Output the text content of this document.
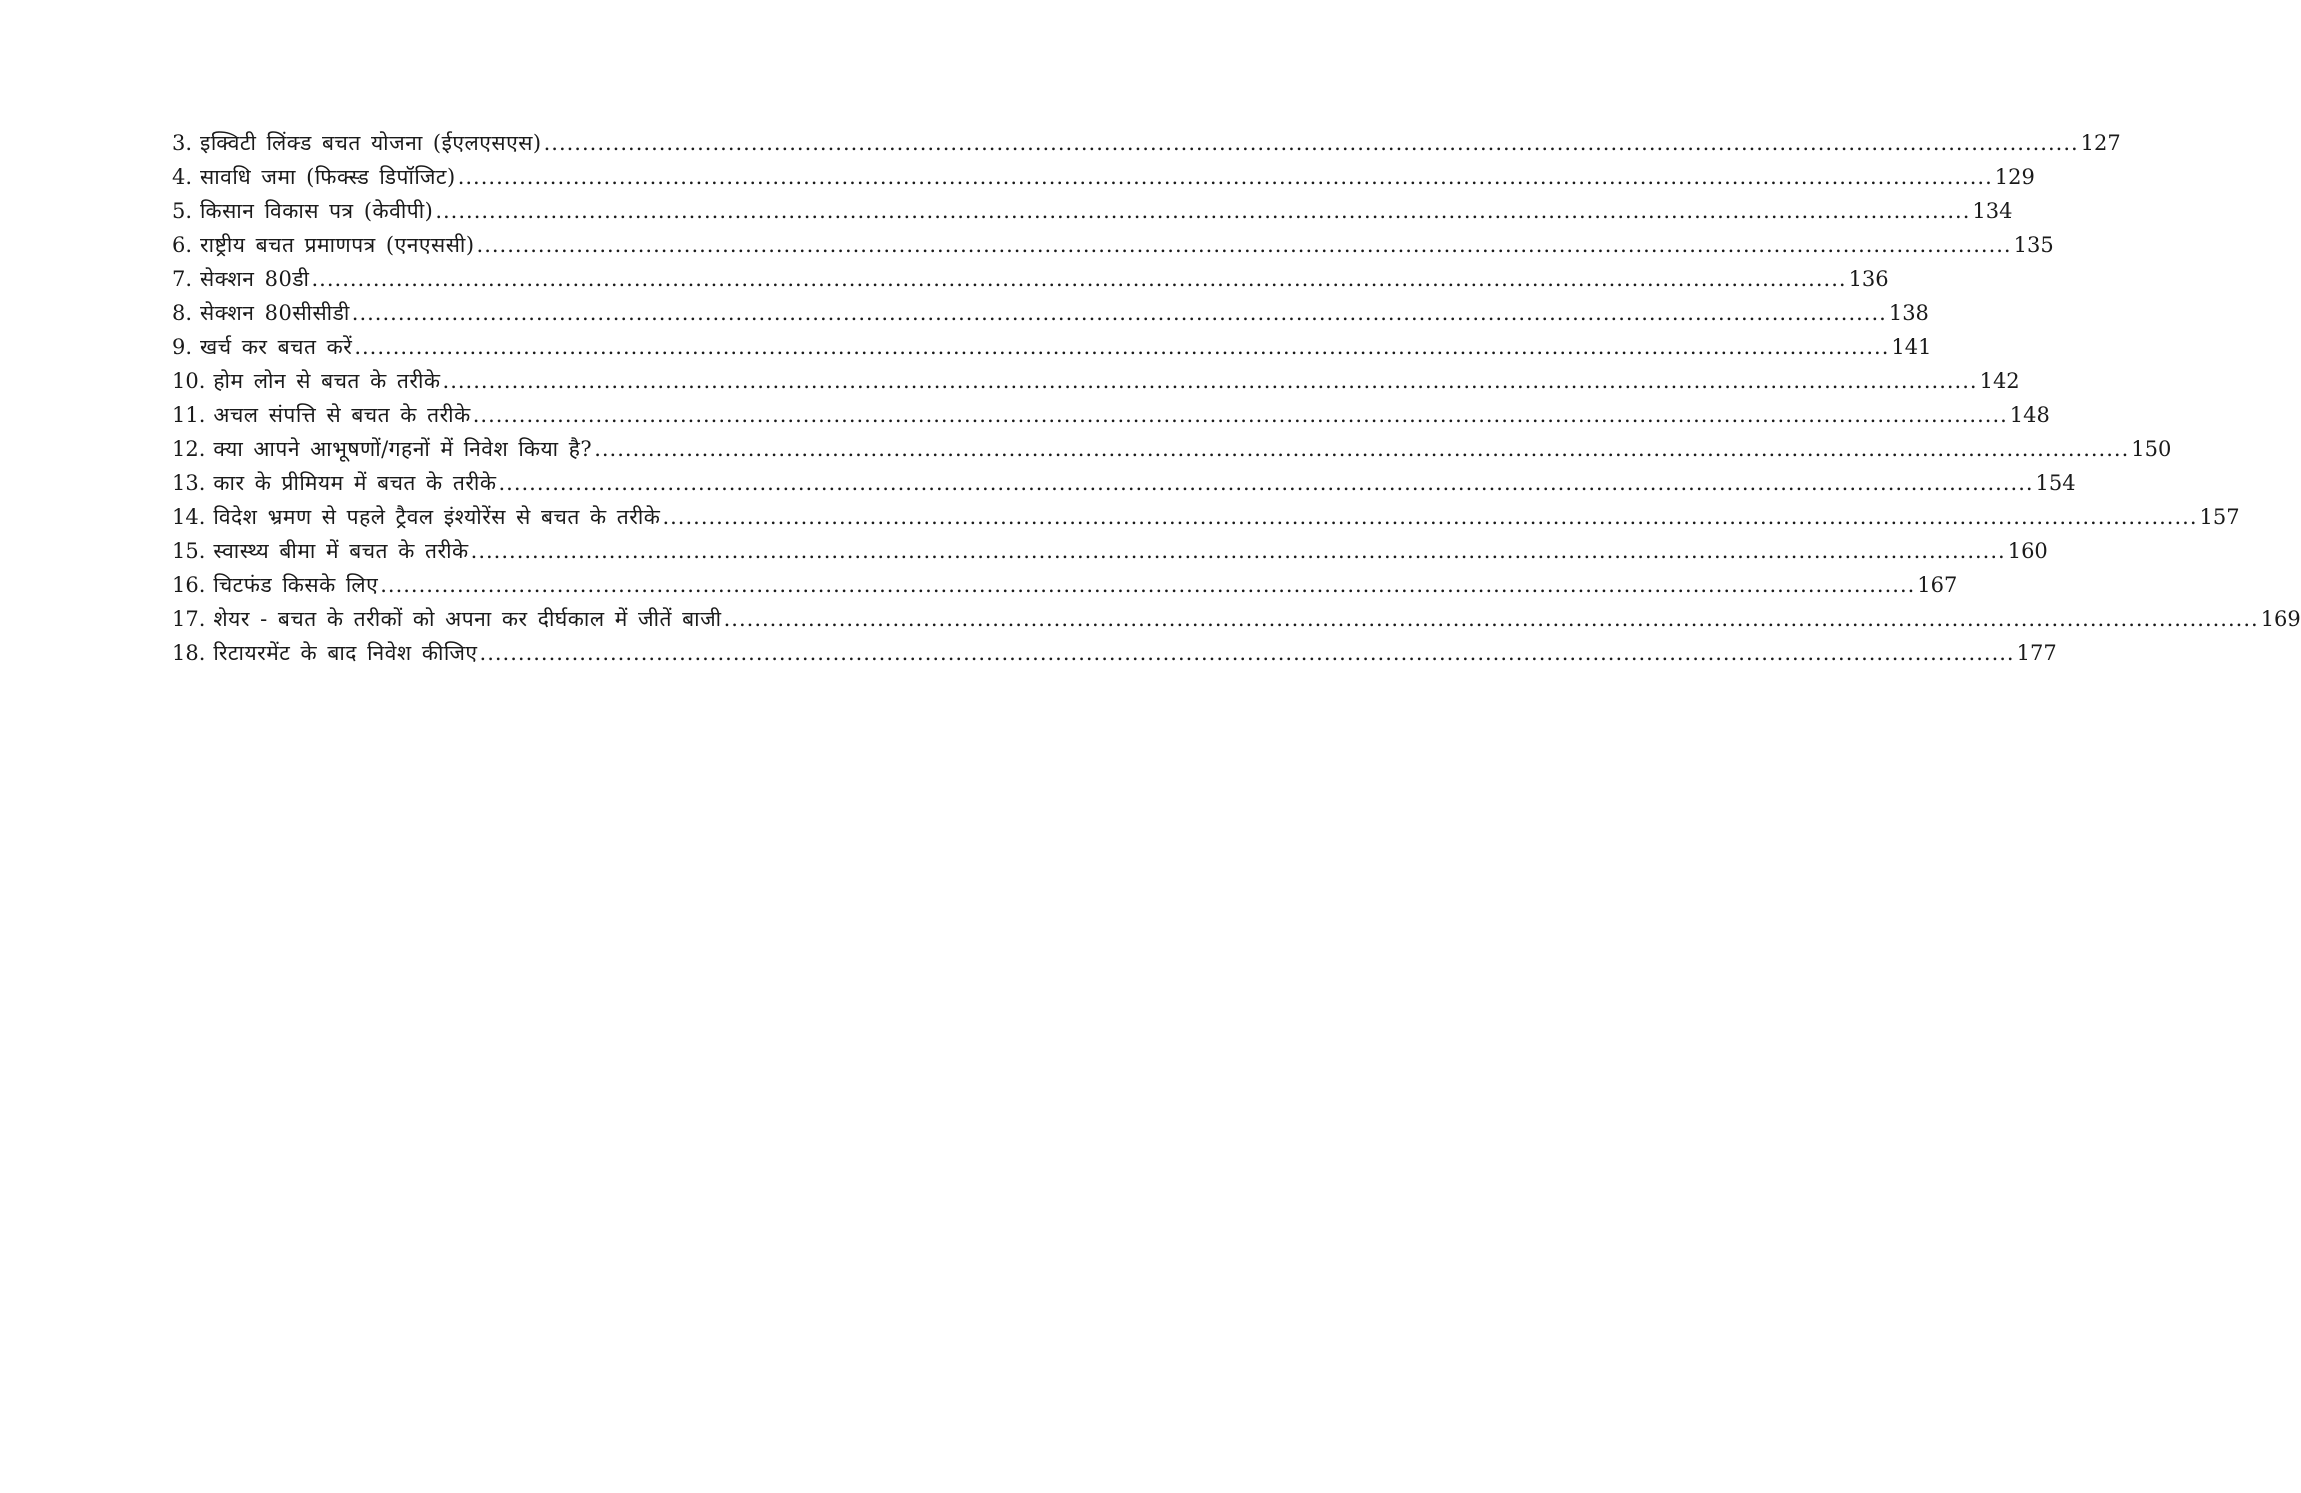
3. इक्विटी लिंक्ड बचत योजना (ईएलएसएस) ........................................................................................................................................................................................................ 127
4. सावधि जमा (फिक्स्ड डिपॉजिट) ........................................................................................................................................................................................................ 129
5. किसान विकास पत्र (केवीपी) ........................................................................................................................................................................................................ 134
6. राष्ट्रीय बचत प्रमाणपत्र (एनएससी) ........................................................................................................................................................................................................ 135
7. सेक्शन 80डी ........................................................................................................................................................................................................ 136
8. सेक्शन 80सीसीडी ........................................................................................................................................................................................................ 138
9. खर्च कर बचत करें ........................................................................................................................................................................................................ 141
10. होम लोन से बचत के तरीके ........................................................................................................................................................................................................ 142
11. अचल संपत्ति से बचत के तरीके ........................................................................................................................................................................................................ 148
12. क्या आपने आभूषणों/गहनों में निवेश किया है? ........................................................................................................................................................................................................ 150
13. कार के प्रीमियम में बचत के तरीके ........................................................................................................................................................................................................ 154
14. विदेश भ्रमण से पहले ट्रैवल इंश्योरेंस से बचत के तरीके ........................................................................................................................................................................................................ 157
15. स्वास्थ्य बीमा में बचत के तरीके ........................................................................................................................................................................................................ 160
16. चिटफंड किसके लिए ........................................................................................................................................................................................................ 167
17. शेयर - बचत के तरीकों को अपना कर दीर्घकाल में जीतें बाजी ........................................................................................................................................................................................................ 169
18. रिटायरमेंट के बाद निवेश कीजिए ........................................................................................................................................................................................................ 177
